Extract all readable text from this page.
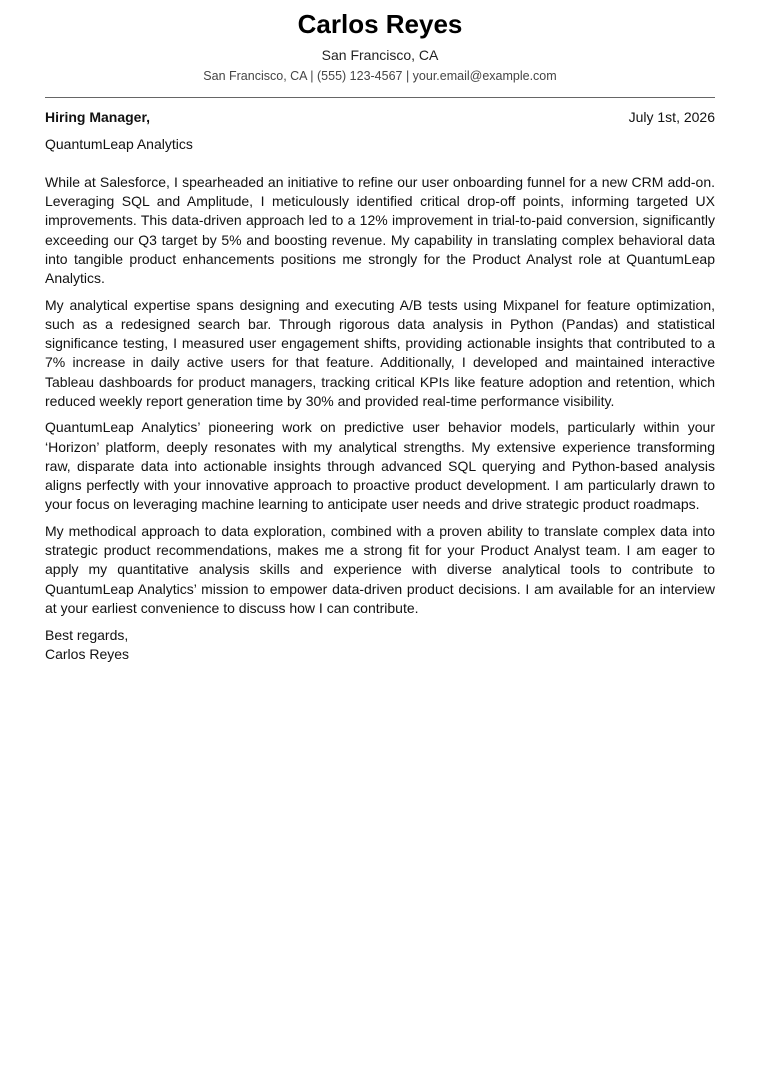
Carlos Reyes
San Francisco, CA
San Francisco, CA | (555) 123-4567 | your.email@example.com
Hiring Manager,	July 1st, 2026
QuantumLeap Analytics

While at Salesforce, I spearheaded an initiative to refine our user onboarding funnel for a new CRM add-on. Leveraging SQL and Amplitude, I meticulously identified critical drop-off points, informing targeted UX improvements. This data-driven approach led to a 12% improvement in trial-to-paid conversion, significantly exceeding our Q3 target by 5% and boosting revenue. My capability in translating complex behavioral data into tangible product enhancements positions me strongly for the Product Analyst role at QuantumLeap Analytics.

My analytical expertise spans designing and executing A/B tests using Mixpanel for feature optimization, such as a redesigned search bar. Through rigorous data analysis in Python (Pandas) and statistical significance testing, I measured user engagement shifts, providing actionable insights that contributed to a 7% increase in daily active users for that feature. Additionally, I developed and maintained interactive Tableau dashboards for product managers, tracking critical KPIs like feature adoption and retention, which reduced weekly report generation time by 30% and provided real-time performance visibility.

QuantumLeap Analytics’ pioneering work on predictive user behavior models, particularly within your ‘Horizon’ platform, deeply resonates with my analytical strengths. My extensive experience transforming raw, disparate data into actionable insights through advanced SQL querying and Python-based analysis aligns perfectly with your innovative approach to proactive product development. I am particularly drawn to your focus on leveraging machine learning to anticipate user needs and drive strategic product roadmaps.

My methodical approach to data exploration, combined with a proven ability to translate complex data into strategic product recommendations, makes me a strong fit for your Product Analyst team. I am eager to apply my quantitative analysis skills and experience with diverse analytical tools to contribute to QuantumLeap Analytics’ mission to empower data-driven product decisions. I am available for an interview at your earliest convenience to discuss how I can contribute.

Best regards,
Carlos Reyes
